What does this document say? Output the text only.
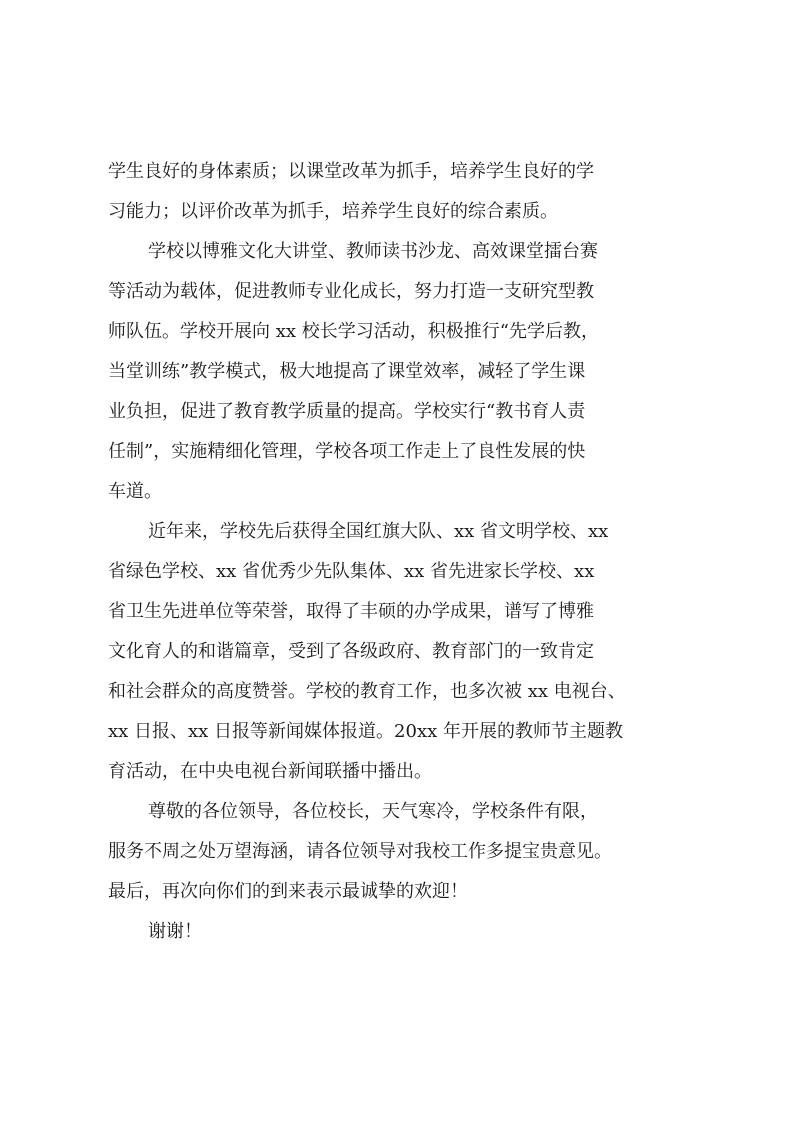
学生良好的身体素质；以课堂改革为抓手，培养学生良好的学
习能力；以评价改革为抓手，培养学生良好的综合素质。
学校以博雅文化大讲堂、教师读书沙龙、高效课堂擂台赛
等活动为载体，促进教师专业化成长，努力打造一支研究型教
师队伍。学校开展向 xx 校长学习活动，积极推行“先学后教，
当堂训练”教学模式，极大地提高了课堂效率，减轻了学生课
业负担，促进了教育教学质量的提高。学校实行“教书育人责
任制”，实施精细化管理，学校各项工作走上了良性发展的快
车道。
近年来，学校先后获得全国红旗大队、xx 省文明学校、xx
省绿色学校、xx 省优秀少先队集体、xx 省先进家长学校、xx
省卫生先进单位等荣誉，取得了丰硕的办学成果，谱写了博雅
文化育人的和谐篇章，受到了各级政府、教育部门的一致肯定
和社会群众的高度赞誉。学校的教育工作，也多次被 xx 电视台、
xx 日报、xx 日报等新闻媒体报道。20xx 年开展的教师节主题教
育活动，在中央电视台新闻联播中播出。
尊敬的各位领导，各位校长，天气寒冷，学校条件有限，
服务不周之处万望海涵，请各位领导对我校工作多提宝贵意见。
最后，再次向你们的到来表示最诚挚的欢迎！
谢谢！
